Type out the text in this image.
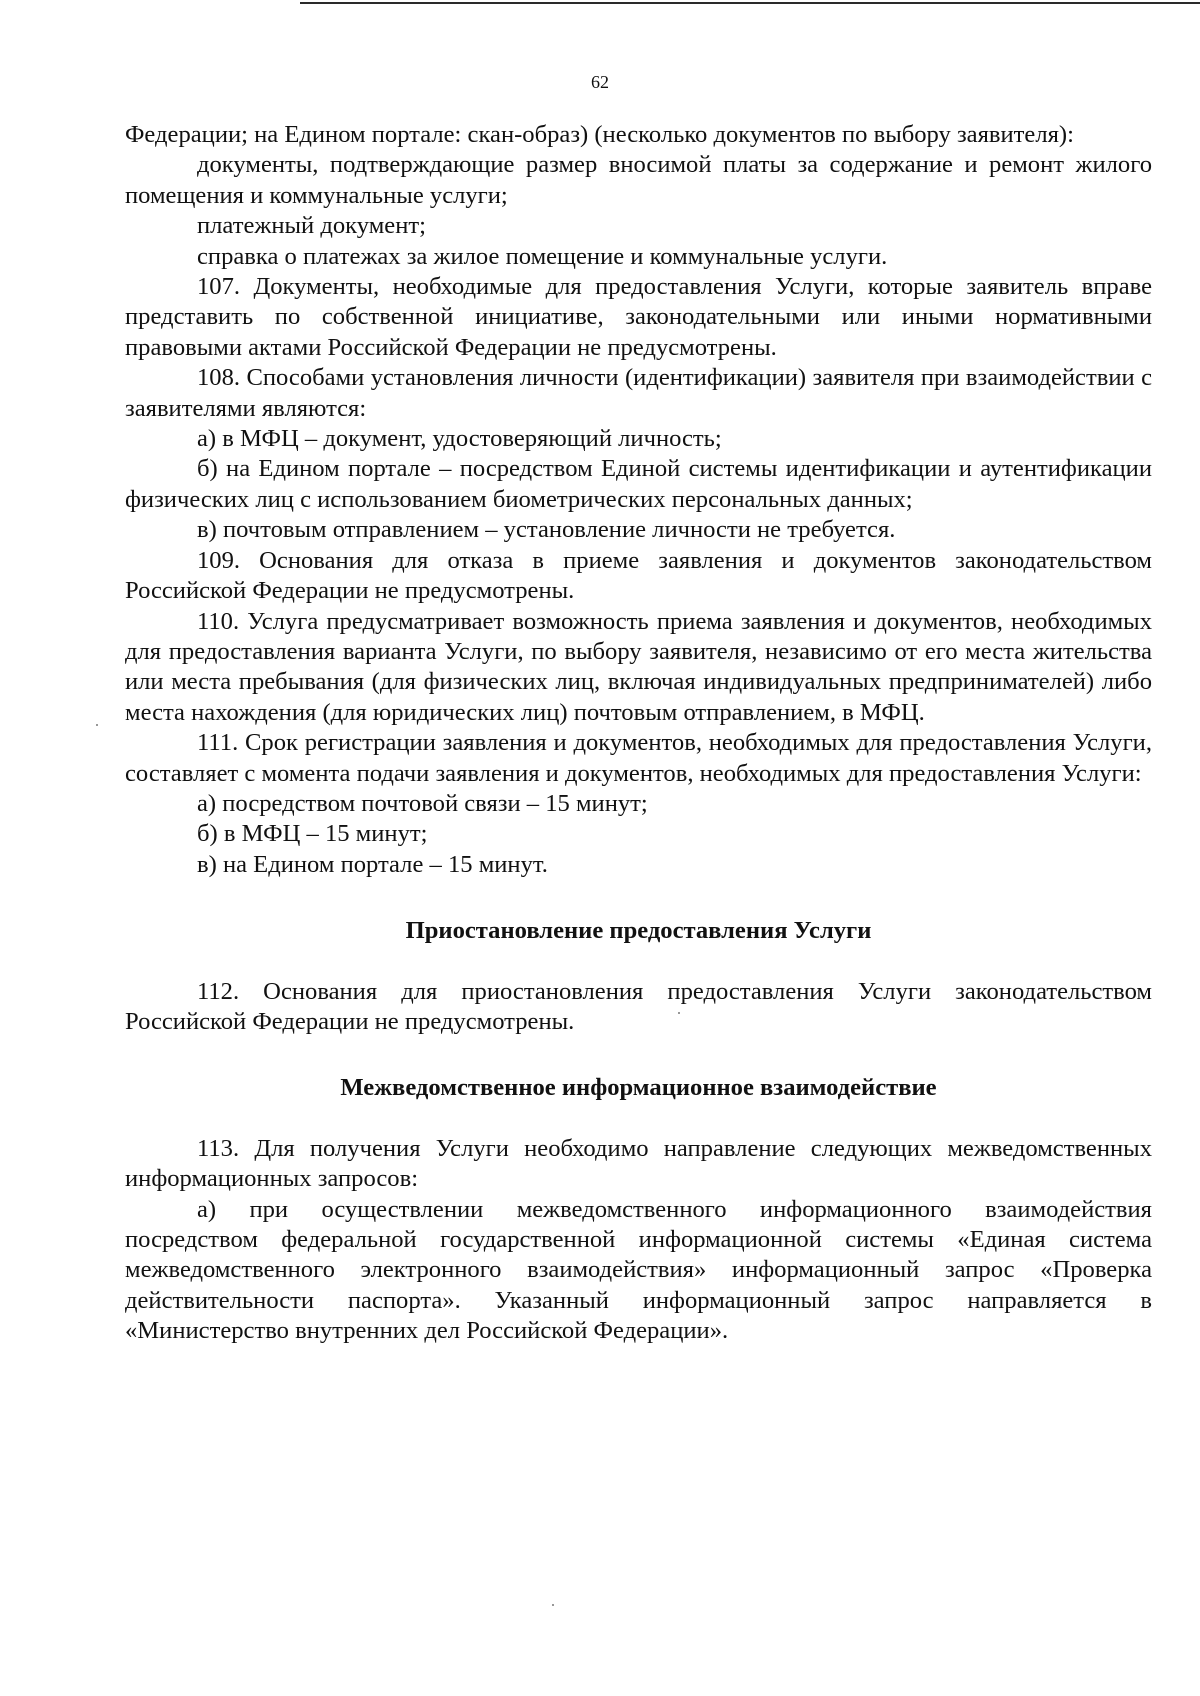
62

Федерации; на Едином портале: скан-образ) (несколько документов по выбору заявителя):

документы, подтверждающие размер вносимой платы за содержание и ремонт жилого помещения и коммунальные услуги;

платежный документ;

справка о платежах за жилое помещение и коммунальные услуги.

107. Документы, необходимые для предоставления Услуги, которые заявитель вправе представить по собственной инициативе, законодательными или иными нормативными правовыми актами Российской Федерации не предусмотрены.

108. Способами установления личности (идентификации) заявителя при взаимодействии с заявителями являются:

а) в МФЦ – документ, удостоверяющий личность;

б) на Едином портале – посредством Единой системы идентификации и аутентификации физических лиц с использованием биометрических персональных данных;

в) почтовым отправлением – установление личности не требуется.

109. Основания для отказа в приеме заявления и документов законодательством Российской Федерации не предусмотрены.

110. Услуга предусматривает возможность приема заявления и документов, необходимых для предоставления варианта Услуги, по выбору заявителя, независимо от его места жительства или места пребывания (для физических лиц, включая индивидуальных предпринимателей) либо места нахождения (для юридических лиц) почтовым отправлением, в МФЦ.

111. Срок регистрации заявления и документов, необходимых для предоставления Услуги, составляет с момента подачи заявления и документов, необходимых для предоставления Услуги:

а) посредством почтовой связи – 15 минут;

б) в МФЦ – 15 минут;

в) на Едином портале – 15 минут.

Приостановление предоставления Услуги

112. Основания для приостановления предоставления Услуги законодательством Российской Федерации не предусмотрены.

Межведомственное информационное взаимодействие

113. Для получения Услуги необходимо направление следующих межведомственных информационных запросов:

а) при осуществлении межведомственного информационного взаимодействия посредством федеральной государственной информационной системы «Единая система межведомственного электронного взаимодействия» информационный запрос «Проверка действительности паспорта». Указанный информационный запрос направляется в «Министерство внутренних дел Российской Федерации».
